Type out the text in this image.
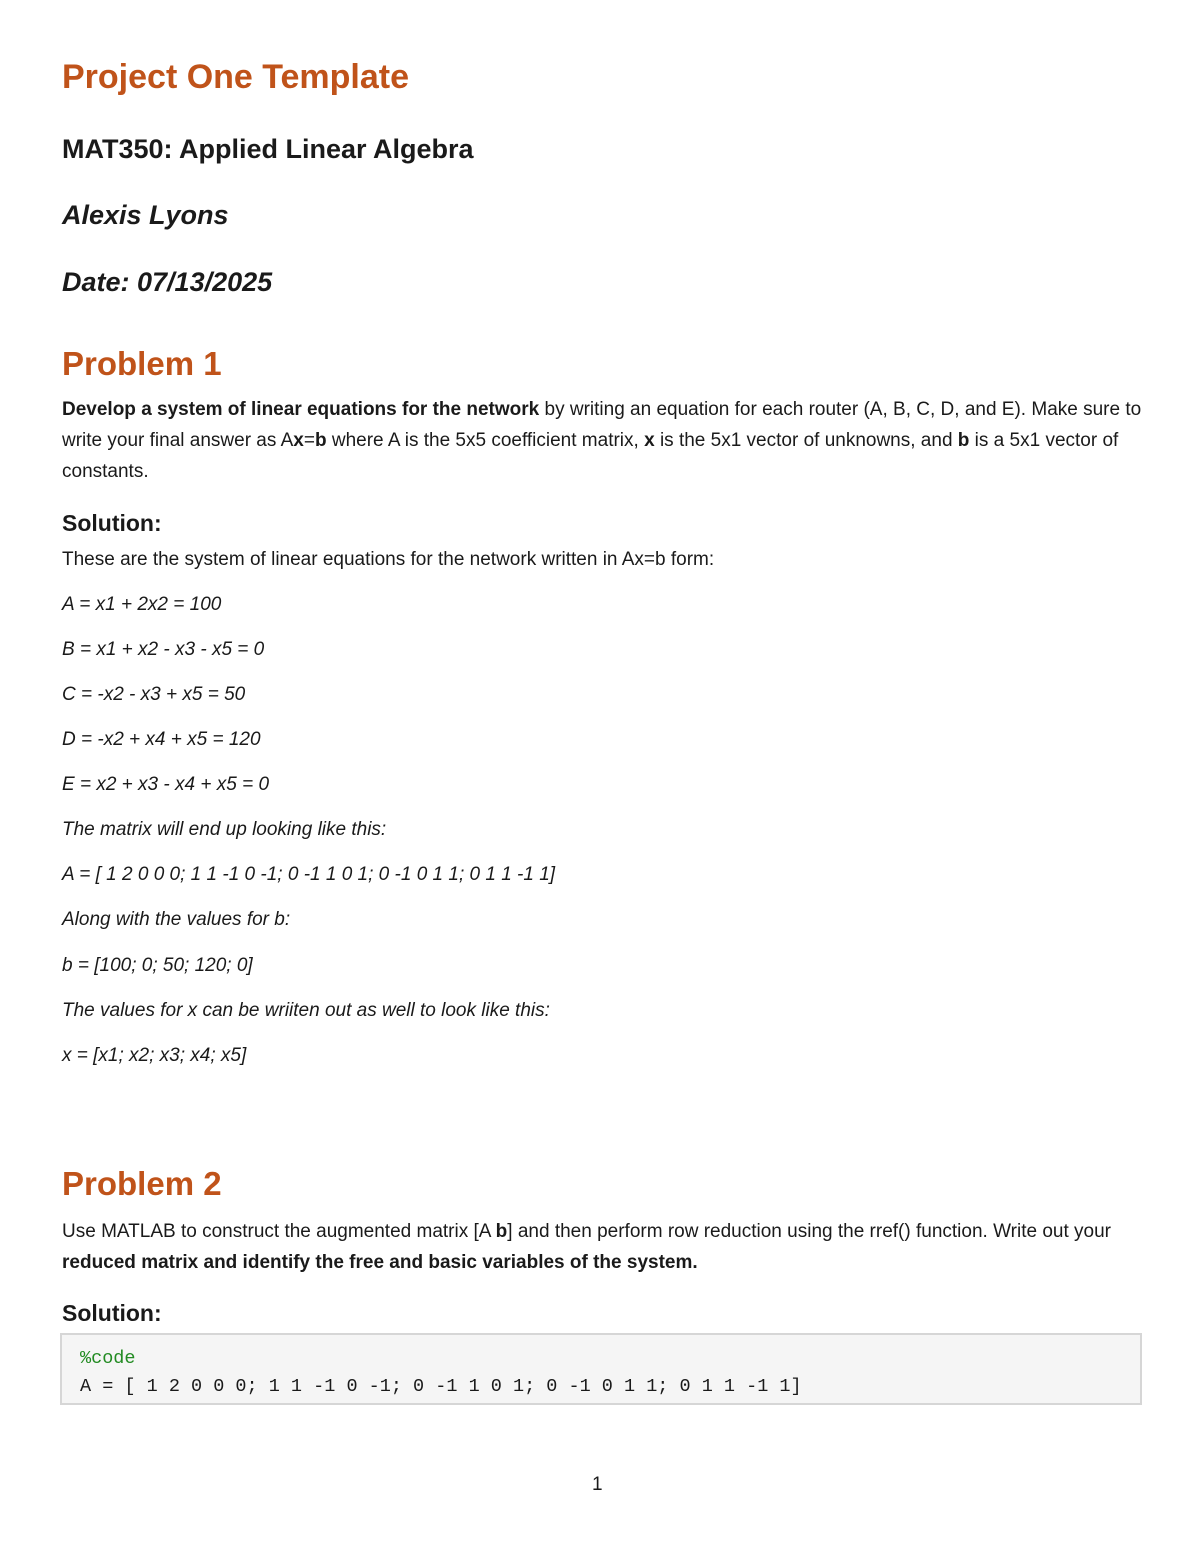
Project One Template

MAT350: Applied Linear Algebra

Alexis Lyons

Date: 07/13/2025

Problem 1

Develop a system of linear equations for the network by writing an equation for each router (A, B, C, D, and E). Make sure to write your final answer as Ax=b where A is the 5x5 coefficient matrix, x is the 5x1 vector of unknowns, and b is a 5x1 vector of constants.

Solution:

These are the system of linear equations for the network written in Ax=b form:

A = x1 + 2x2 = 100

B = x1 + x2 - x3 - x5 = 0

C = -x2 - x3 + x5 = 50

D = -x2 + x4 + x5 = 120

E = x2 + x3 - x4 + x5 = 0

The matrix will end up looking like this:

A = [ 1 2 0 0 0; 1 1 -1 0 -1; 0 -1 1 0 1; 0 -1 0 1 1; 0 1 1 -1 1]

Along with the values for b:

b = [100; 0; 50; 120; 0]

The values for x can be wriiten out as well to look like this:

x = [x1; x2; x3; x4; x5]

Problem 2

Use MATLAB to construct the augmented matrix [A b] and then perform row reduction using the rref() function. Write out your reduced matrix and identify the free and basic variables of the system.

Solution:

%code

A = [ 1 2 0 0 0; 1 1 -1 0 -1; 0 -1 1 0 1; 0 -1 0 1 1; 0 1 1 -1 1]

1
